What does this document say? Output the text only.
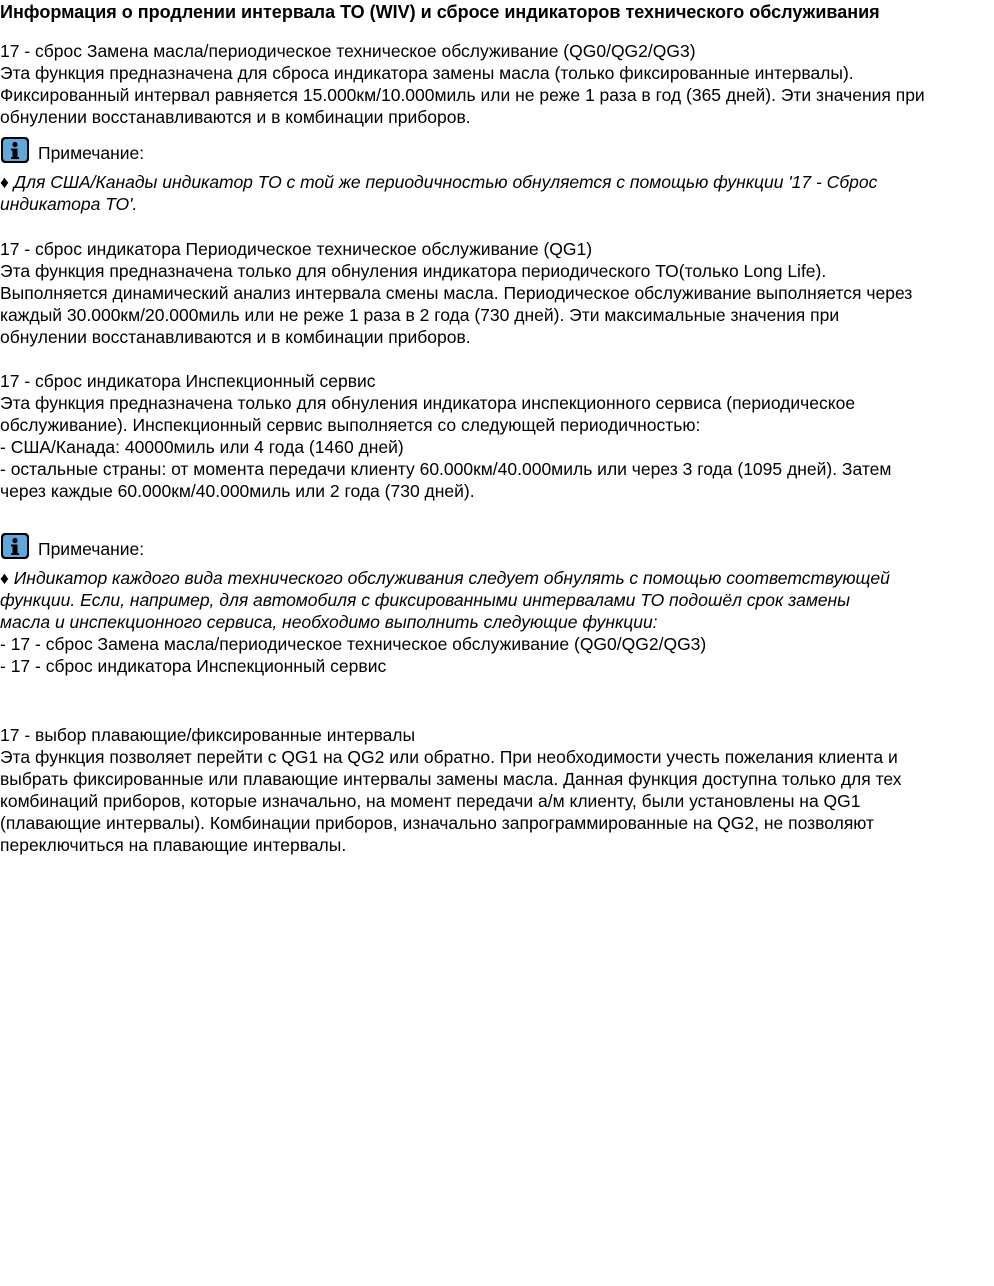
Информация о продлении интервала ТО (WIV) и сбросе индикаторов технического обслуживания
17 - сброс Замена масла/периодическое техническое обслуживание (QG0/QG2/QG3)
Эта функция предназначена для сброса индикатора замены масла (только фиксированные интервалы).
Фиксированный интервал равняется 15.000км/10.000миль или не реже 1 раза в год (365 дней). Эти значения при
обнулении восстанавливаются и в комбинации приборов.
Примечание:
♦ Для США/Канады индикатор ТО с той же периодичностью обнуляется с помощью функции '17 - Сброс
индикатора ТО'.
17 - сброс индикатора Периодическое техническое обслуживание (QG1)
Эта функция предназначена только для обнуления индикатора периодического ТО(только Long Life).
Выполняется динамический анализ интервала смены масла. Периодическое обслуживание выполняется через
каждый 30.000км/20.000миль или не реже 1 раза в 2 года (730 дней). Эти максимальные значения при
обнулении восстанавливаются и в комбинации приборов.
17 - сброс индикатора Инспекционный сервис
Эта функция предназначена только для обнуления индикатора инспекционного сервиса (периодическое
обслуживание). Инспекционный сервис выполняется со следующей периодичностью:
- США/Канада: 40000миль или 4 года (1460 дней)
- остальные страны: от момента передачи клиенту 60.000км/40.000миль или через 3 года (1095 дней). Затем
через каждые 60.000км/40.000миль или 2 года (730 дней).
Примечание:
♦ Индикатор каждого вида технического обслуживания следует обнулять с помощью соответствующей
функции. Если, например, для автомобиля с фиксированными интервалами ТО подошёл срок замены
масла и инспекционного сервиса, необходимо выполнить следующие функции:
- 17 - сброс Замена масла/периодическое техническое обслуживание (QG0/QG2/QG3)
- 17 - сброс индикатора Инспекционный сервис
17 - выбор плавающие/фиксированные интервалы
Эта функция позволяет перейти с QG1 на QG2 или обратно. При необходимости учесть пожелания клиента и
выбрать фиксированные или плавающие интервалы замены масла. Данная функция доступна только для тех
комбинаций приборов, которые изначально, на момент передачи а/м клиенту, были установлены на QG1
(плавающие интервалы). Комбинации приборов, изначально запрограммированные на QG2, не позволяют
переключиться на плавающие интервалы.
